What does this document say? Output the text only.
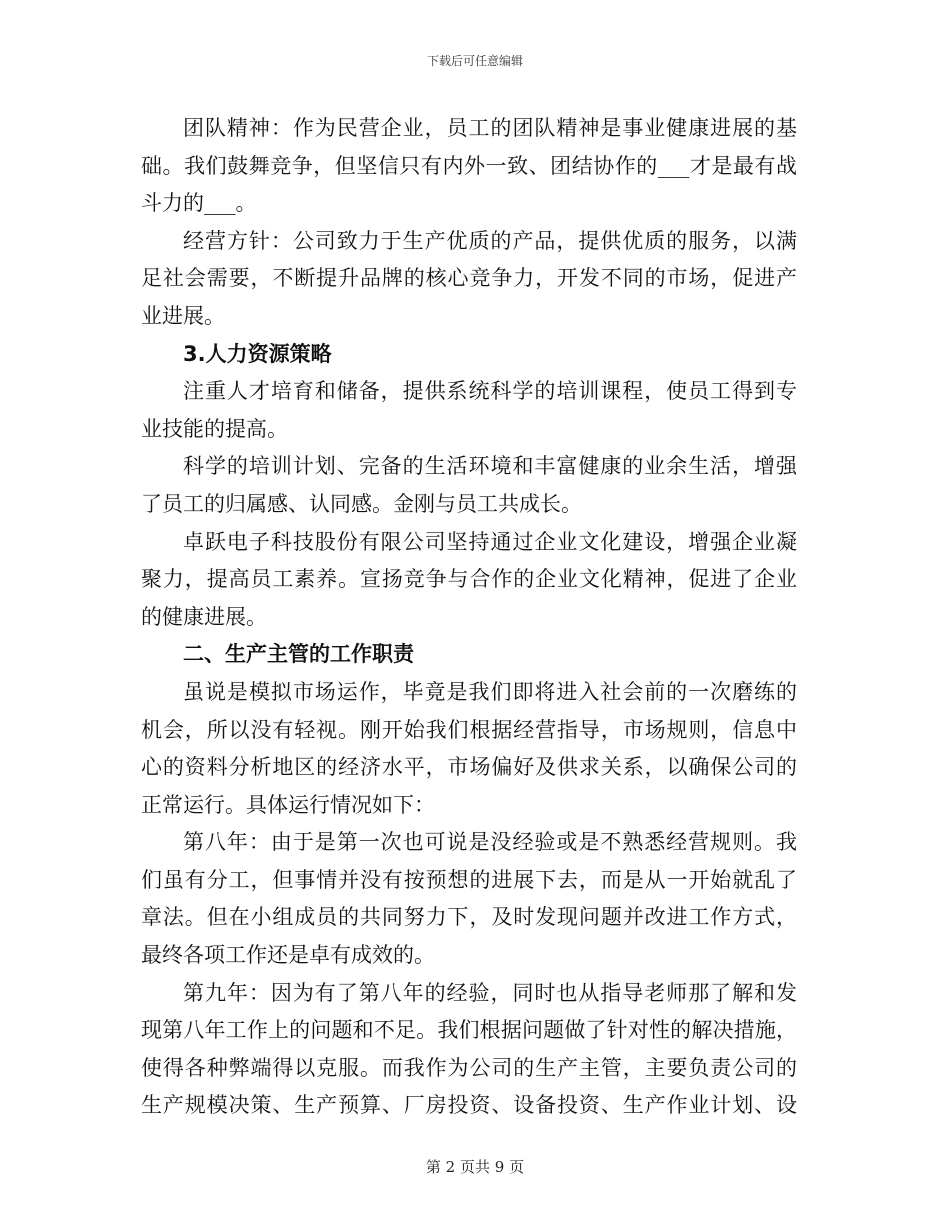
下载后可任意编辑
团队精神：作为民营企业，员工的团队精神是事业健康进展的基
础。我们鼓舞竞争，但坚信只有内外一致、团结协作的___才是最有战
斗力的___。
经营方针：公司致力于生产优质的产品，提供优质的服务，以满
足社会需要，不断提升品牌的核心竞争力，开发不同的市场，促进产
业进展。
3.人力资源策略
注重人才培育和储备，提供系统科学的培训课程，使员工得到专
业技能的提高。
科学的培训计划、完备的生活环境和丰富健康的业余生活，增强
了员工的归属感、认同感。金刚与员工共成长。
卓跃电子科技股份有限公司坚持通过企业文化建设，增强企业凝
聚力，提高员工素养。宣扬竞争与合作的企业文化精神，促进了企业
的健康进展。
二、生产主管的工作职责
虽说是模拟市场运作，毕竟是我们即将进入社会前的一次磨练的
机会，所以没有轻视。刚开始我们根据经营指导，市场规则，信息中
心的资料分析地区的经济水平，市场偏好及供求关系，以确保公司的
正常运行。具体运行情况如下：
第八年：由于是第一次也可说是没经验或是不熟悉经营规则。我
们虽有分工，但事情并没有按预想的进展下去，而是从一开始就乱了
章法。但在小组成员的共同努力下，及时发现问题并改进工作方式，
最终各项工作还是卓有成效的。
第九年：因为有了第八年的经验，同时也从指导老师那了解和发
现第八年工作上的问题和不足。我们根据问题做了针对性的解决措施，
使得各种弊端得以克服。而我作为公司的生产主管，主要负责公司的
生产规模决策、生产预算、厂房投资、设备投资、生产作业计划、设
第 2 页共 9 页
